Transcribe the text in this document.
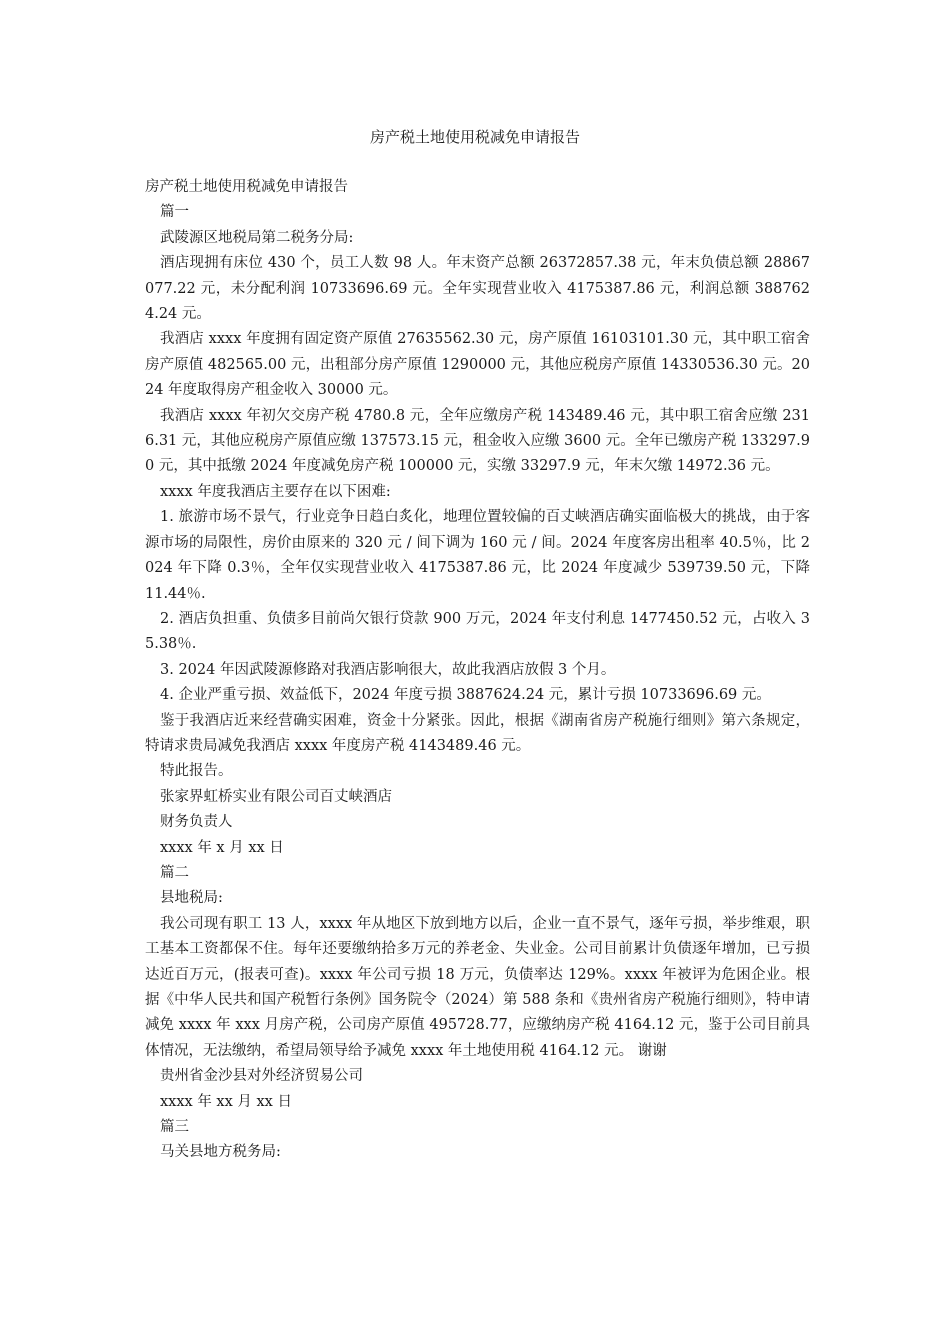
房产税土地使用税减免申请报告

房产税土地使用税减免申请报告

篇一

武陵源区地税局第二税务分局:

酒店现拥有床位 430 个，员工人数 98 人。年末资产总额 26372857.38 元，年末负债总额 28867077.22 元，未分配利润 10733696.69 元。全年实现营业收入 4175387.86 元，利润总额 3887624.24 元。

我酒店 xxxx 年度拥有固定资产原值 27635562.30 元，房产原值 16103101.30 元，其中职工宿舍房产原值 482565.00 元，出租部分房产原值 1290000 元，其他应税房产原值 14330536.30 元。2024 年度取得房产租金收入 30000 元。

我酒店 xxxx 年初欠交房产税 4780.8 元，全年应缴房产税 143489.46 元，其中职工宿舍应缴 2316.31 元，其他应税房产原值应缴 137573.15 元，租金收入应缴 3600 元。全年已缴房产税 133297.90 元，其中抵缴 2024 年度减免房产税 100000 元，实缴 33297.9 元，年末欠缴 14972.36 元。

xxxx 年度我酒店主要存在以下困难:

1. 旅游市场不景气，行业竞争日趋白炙化，地理位置较偏的百丈峡酒店确实面临极大的挑战，由于客源市场的局限性，房价由原来的 320 元 / 间下调为 160 元 / 间。2024 年度客房出租率 40.5％，比 2024 年下降 0.3％，全年仅实现营业收入 4175387.86 元，比 2024 年度减少 539739.50 元，下降 11.44％.

2. 酒店负担重、负债多目前尚欠银行贷款 900 万元，2024 年支付利息 1477450.52 元，占收入 35.38％.

3. 2024 年因武陵源修路对我酒店影响很大，故此我酒店放假 3 个月。

4. 企业严重亏损、效益低下，2024 年度亏损 3887624.24 元，累计亏损 10733696.69 元。

鉴于我酒店近来经营确实困难，资金十分紧张。因此，根据《湖南省房产税施行细则》第六条规定，特请求贵局减免我酒店 xxxx 年度房产税 4143489.46 元。

特此报告。

张家界虹桥实业有限公司百丈峡酒店

财务负责人

xxxx 年 x 月 xx 日

篇二

县地税局:

我公司现有职工 13 人，xxxx 年从地区下放到地方以后，企业一直不景气，逐年亏损，举步维艰，职工基本工资都保不住。每年还要缴纳拾多万元的养老金、失业金。公司目前累计负债逐年增加，已亏损达近百万元，(报表可查)。xxxx 年公司亏损 18 万元，负债率达 129%。xxxx 年被评为危困企业。根据《中华人民共和国产税暂行条例》国务院令（2024）第 588 条和《贵州省房产税施行细则》，特申请减免 xxxx 年 xxx 月房产税，公司房产原值 495728.77，应缴纳房产税 4164.12 元，鉴于公司目前具体情况，无法缴纳，希望局领导给予减免 xxxx 年土地使用税 4164.12 元。 谢谢

贵州省金沙县对外经济贸易公司

xxxx 年 xx 月 xx 日

篇三

马关县地方税务局:
